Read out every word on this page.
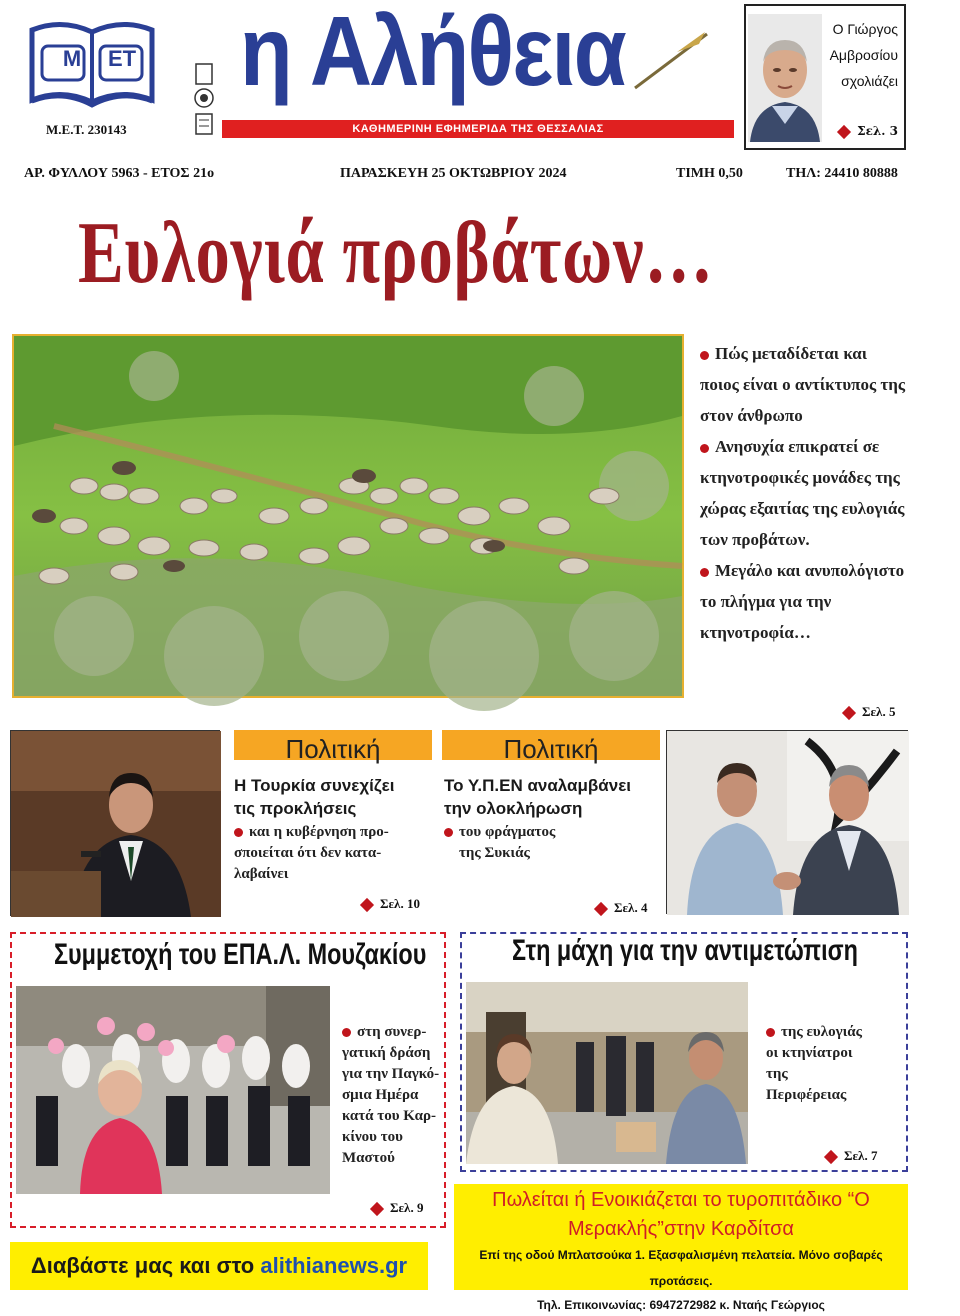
Μ	ΕΤ
Μ.Ε.Τ. 230143
η Αλήθεια
ΚΑΘΗΜΕΡΙΝΗ ΕΦΗΜΕΡΙΔΑ ΤΗΣ ΘΕΣΣΑΛΙΑΣ
Ο Γιώργος
Αμβροσίου
σχολιάζει
Σελ. 3
ΑΡ. ΦΥΛΛΟΥ 5963 - ΕΤΟΣ 21ο	ΠΑΡΑΣΚΕΥΗ 25 ΟΚΤΩΒΡΙΟΥ 2024	ΤΙΜΗ 0,50	ΤΗΛ: 24410 80888
Ευλογιά προβάτων…
Πώς μεταδίδεται και ποιος είναι ο αντίκτυπος της στον άνθρωπο
Ανησυχία επικρατεί σε κτηνοτροφικές μονάδες της χώρας εξαιτίας της ευλογιάς των προβάτων.
Μεγάλο και ανυπολόγιστο το πλήγμα για την κτηνοτροφία…
Σελ. 5
Πολιτική
Η Τουρκία συνεχίζει
τις προκλήσεις
και η κυβέρνηση προ-
σποιείται ότι δεν κατα-
λαβαίνει
Σελ. 10
Πολιτική
Το Υ.Π.ΕΝ αναλαμβάνει
την ολοκλήρωση
του φράγματος
της Συκιάς
Σελ. 4
Συμμετοχή του ΕΠΑ.Λ. Μουζακίου
στη συνερ-
γατική δράση
για την Παγκό-
σμια Ημέρα
κατά του Καρ-
κίνου του
Μαστού
Σελ. 9
Στη μάχη για την αντιμετώπιση
της ευλογιάς
οι κτηνίατροι
της
Περιφέρειας
Σελ. 7
Διαβάστε μας και στο alithianews.gr
Πωλείται ή Ενοικιάζεται το τυροπιτάδικο “Ο
Μερακλής”στην Καρδίτσα
Επί της οδού Μπλατσούκα 1. Εξασφαλισμένη πελατεία. Μόνο σοβαρές προτάσεις.
Τηλ. Επικοινωνίας: 6947272982 κ. Νταής Γεώργιος
